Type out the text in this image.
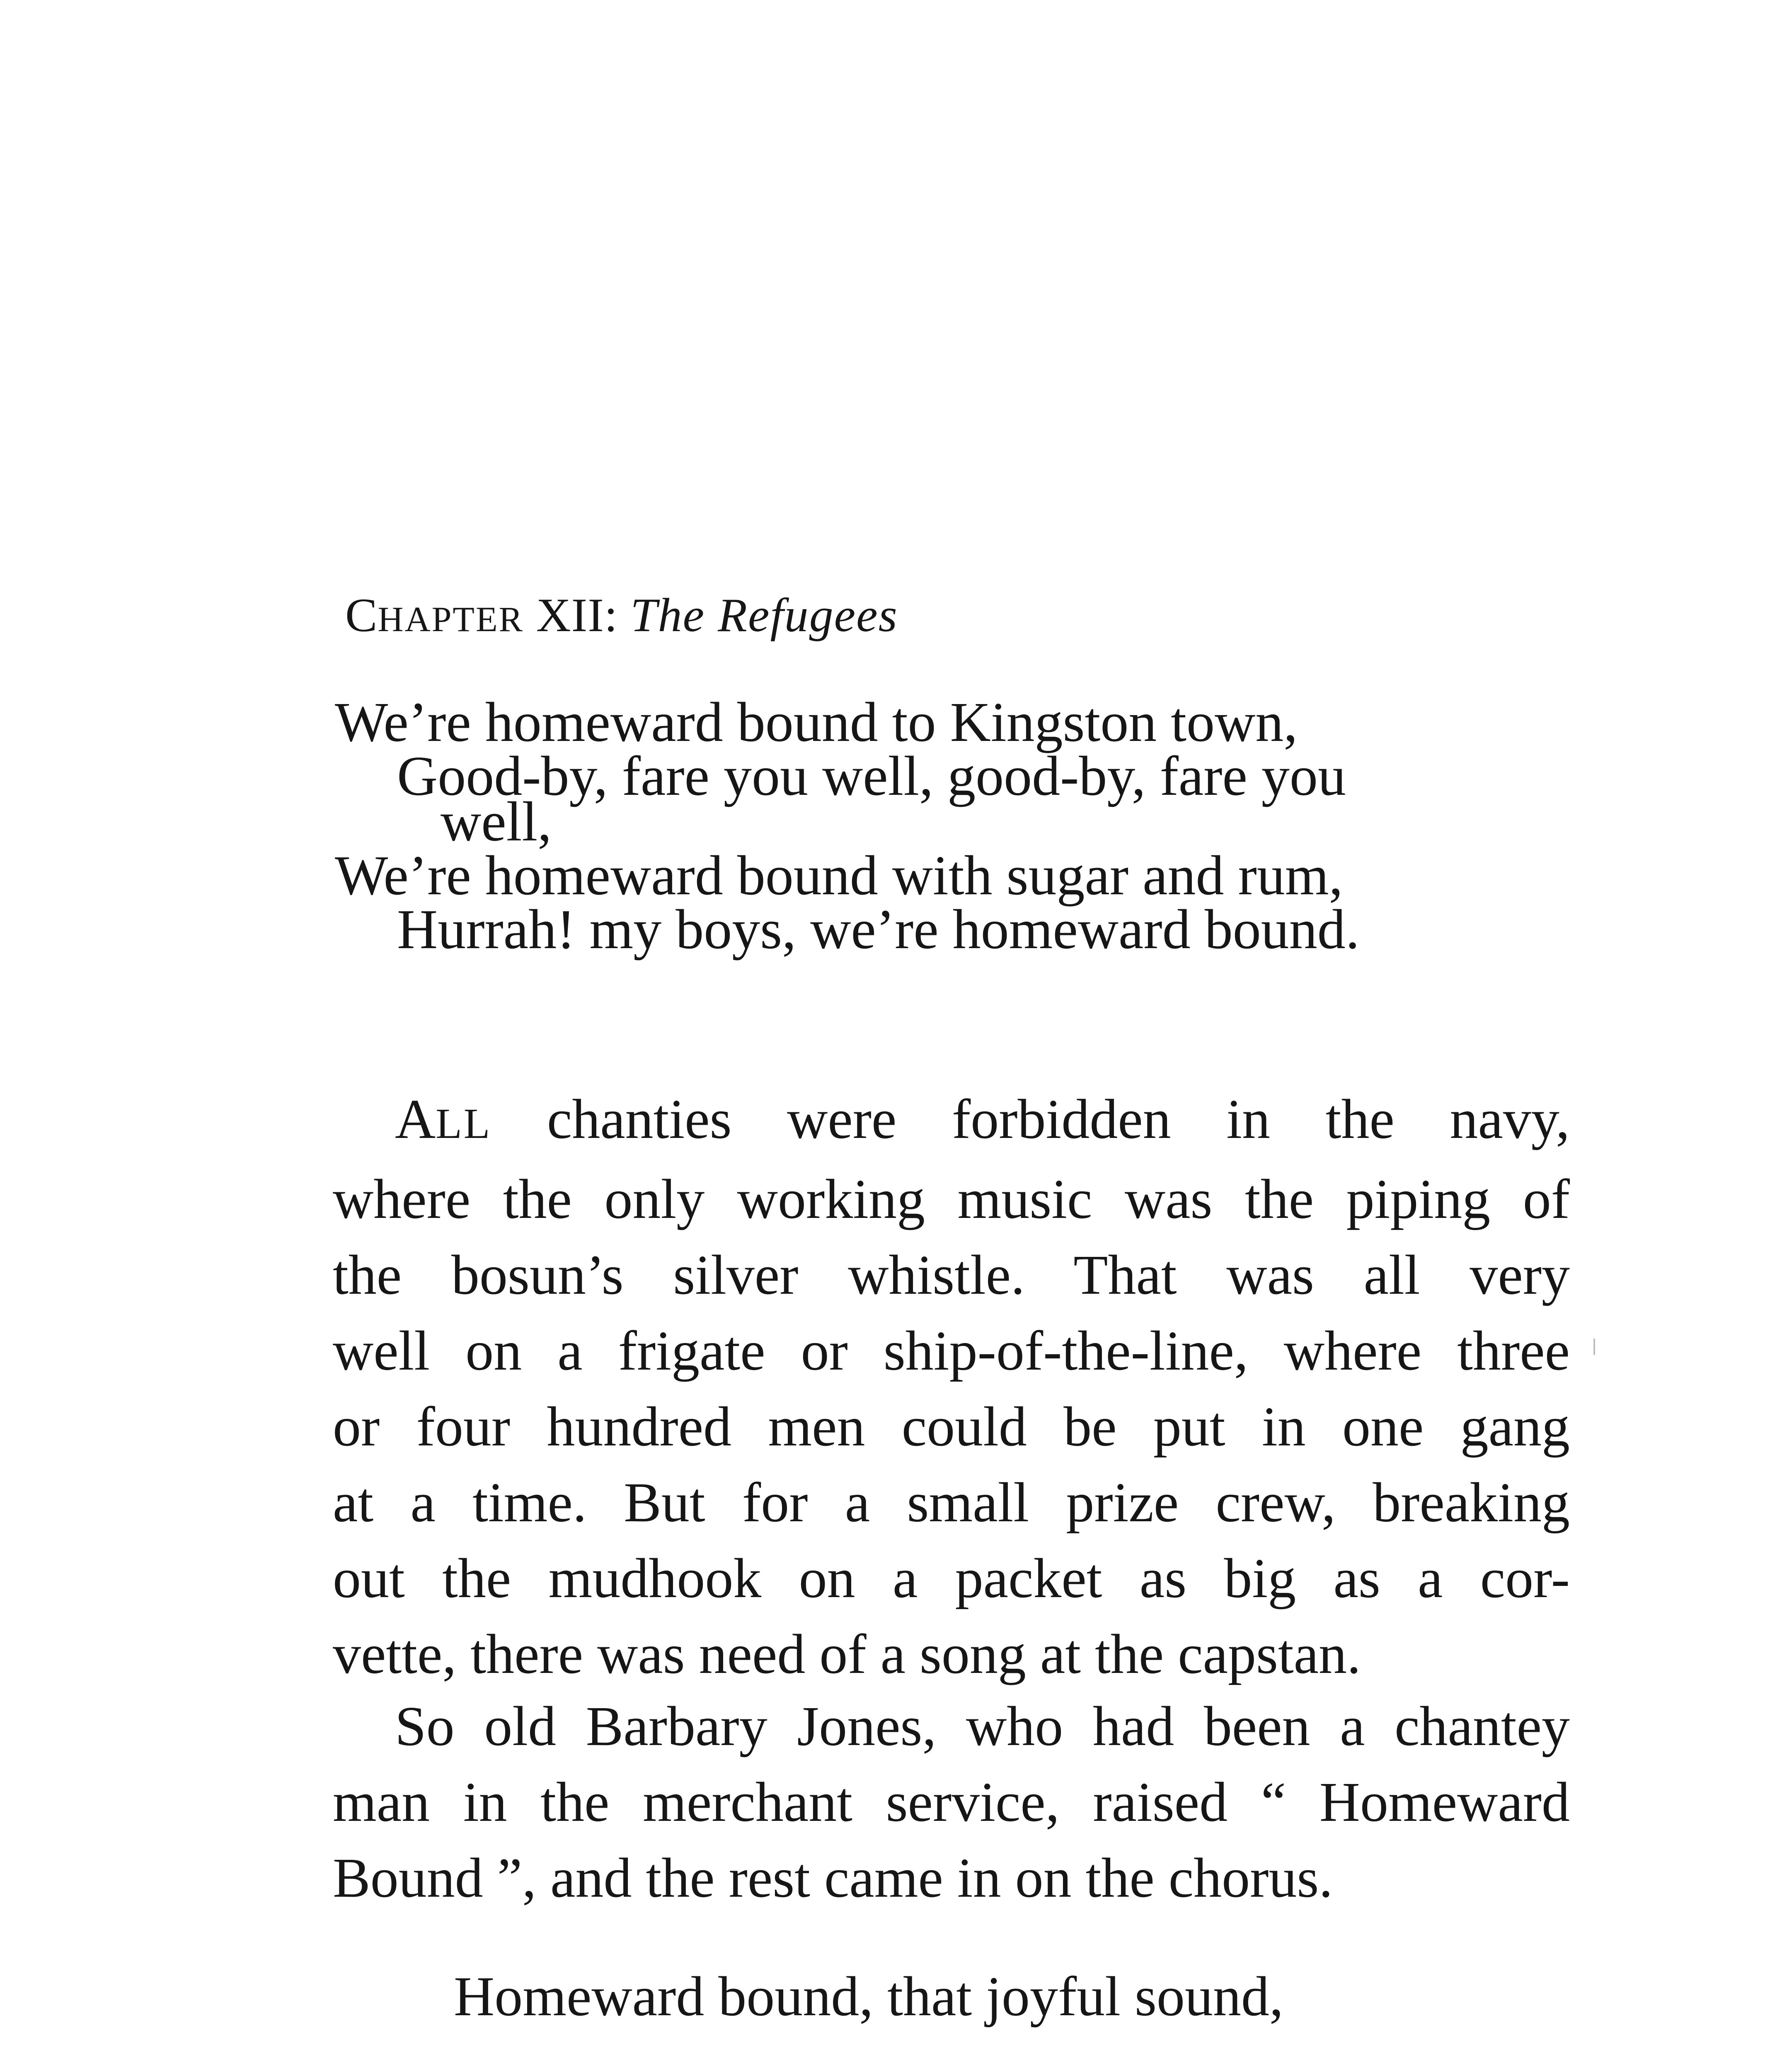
CHAPTER XII: The Refugees
We’re homeward bound to Kingston town,
Good-by, fare you well, good-by, fare you
well,
We’re homeward bound with sugar and rum,
Hurrah! my boys, we’re homeward bound.
ALL chanties were forbidden in the navy,
where the only working music was the piping of
the bosun’s silver whistle. That was all very
well on a frigate or ship-of-the-line, where three
or four hundred men could be put in one gang
at a time. But for a small prize crew, breaking
out the mudhook on a packet as big as a cor-
vette, there was need of a song at the capstan.
So old Barbary Jones, who had been a chantey
man in the merchant service, raised “ Homeward
Bound ”, and the rest came in on the chorus.
Homeward bound, that joyful sound,
